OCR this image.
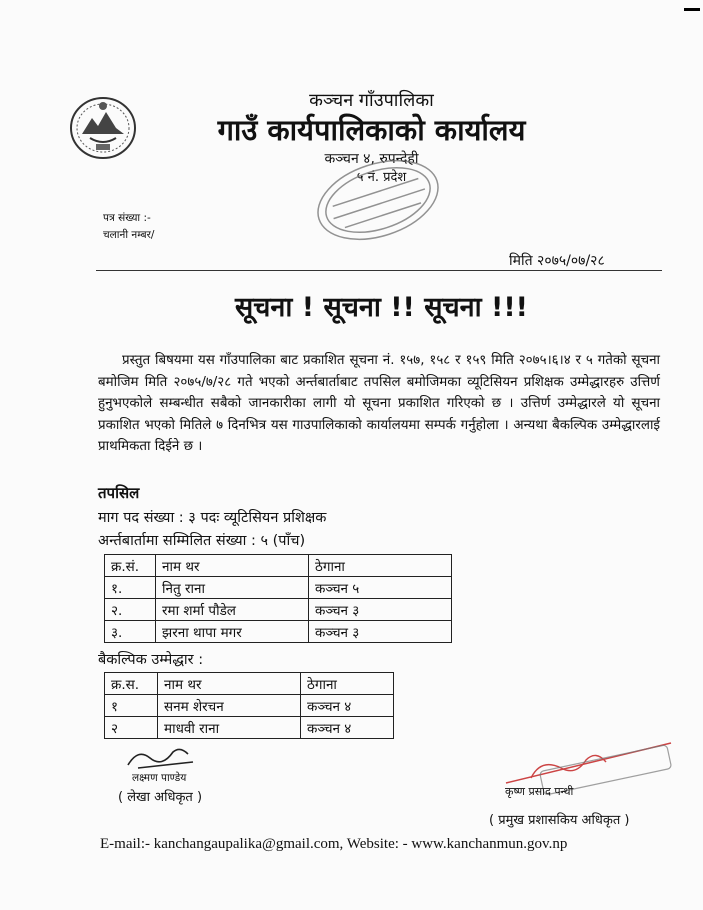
कञ्चन गाँउपालिका
गाउँ कार्यपालिकाको कार्यालय
कञ्चन ४, रुपन्देही
५ नं. प्रदेश
पत्र संख्या :-
चलानी नम्बर/
मिति २०७५/०७/२८
सूचना ! सूचना !! सूचना !!!
प्रस्तुत बिषयमा यस गाँउपालिका बाट प्रकाशित सूचना नं. १५७, १५८ र १५९ मिति २०७५।६।४ र ५ गतेको सूचना बमोजिम मिति २०७५/७/२८ गते भएको अर्न्तबार्ताबाट तपसिल बमोजिमका व्यूटिसियन प्रशिक्षक उम्मेद्धारहरु उत्तिर्ण हुनुभएकोले सम्बन्धीत सबैको जानकारीका लागी यो सूचना प्रकाशित गरिएको छ । उत्तिर्ण उम्मेद्धारले यो सूचना प्रकाशित भएको मितिले ७ दिनभित्र यस गाउपालिकाको कार्यालयमा सम्पर्क गर्नुहोला । अन्यथा बैकल्पिक उम्मेद्धारलाई प्राथमिकता दिईने छ ।
तपसिल
माग पद संख्या : ३ पदः व्यूटिसियन प्रशिक्षक
अर्न्तबार्तामा सम्मिलित संख्या : ५ (पाँच)
क्र.सं.	नाम थर	ठेगाना
१.	नितु राना	कञ्चन ५
२.	रमा शर्मा पौडेल	कञ्चन ३
३.	झरना थापा मगर	कञ्चन ३
बैकल्पिक उम्मेद्धार :
क्र.स.	नाम थर	ठेगाना
१	सनम शेरचन	कञ्चन ४
२	माधवी राना	कञ्चन ४
लक्ष्मण पाण्डेय
( लेखा अधिकृत )	कृष्ण प्रसाद पन्थी
( प्रमुख प्रशासकिय अधिकृत )
E-mail:- kanchangaupalika@gmail.com, Website: - www.kanchanmun.gov.np
